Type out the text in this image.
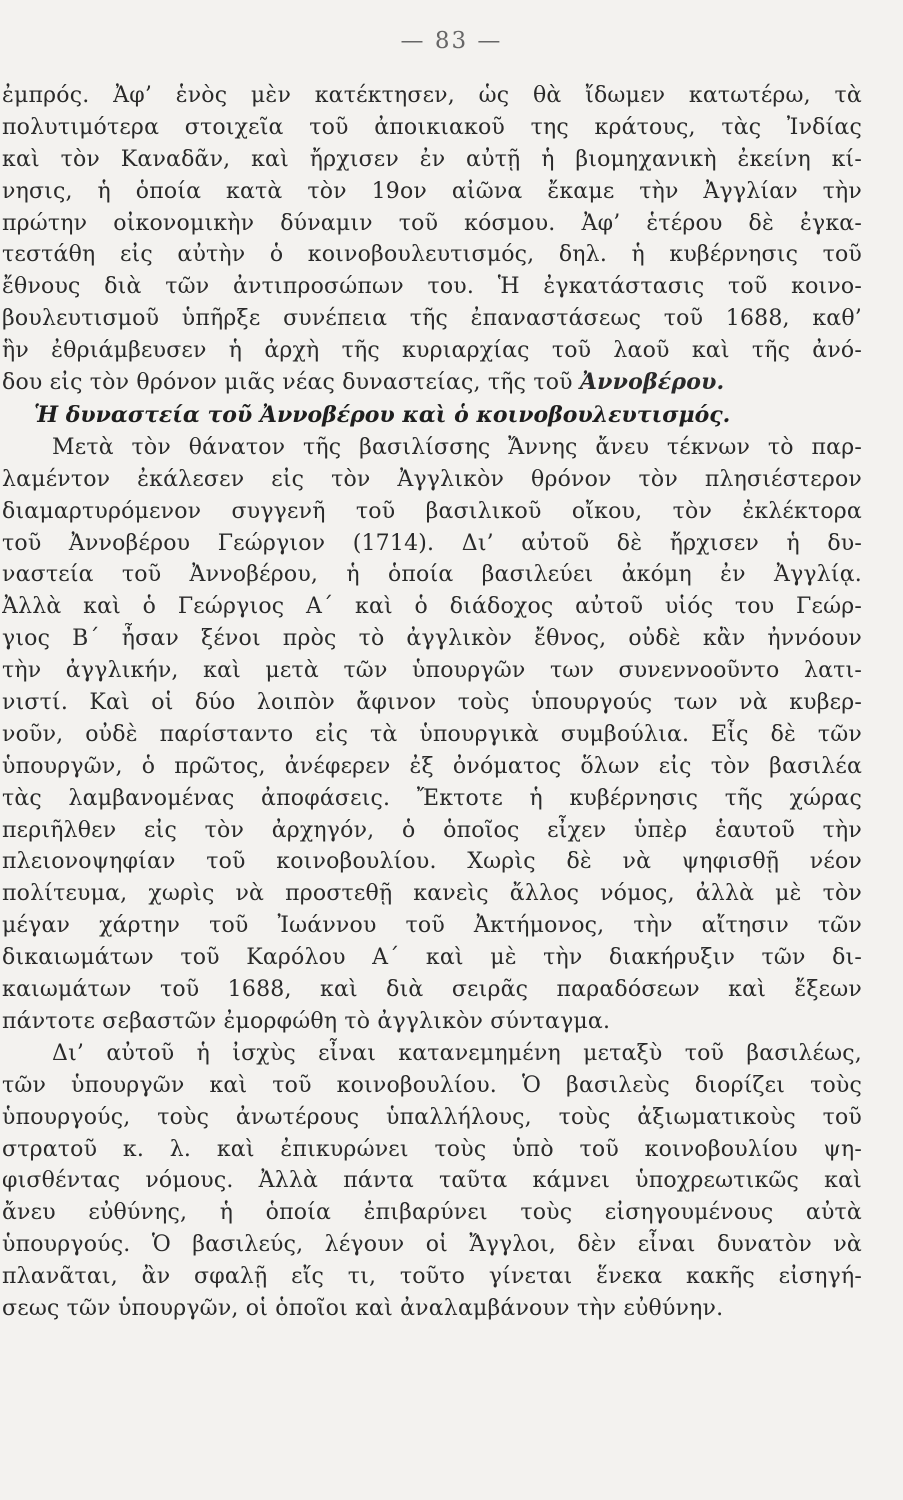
— 83 —
ἐμπρός. Ἀφ’ ἑνὸς μὲν κατέκτησεν, ὡς θὰ ἴδωμεν κατωτέρω, τὰ
πολυτιμότερα στοιχεῖα τοῦ ἀποικιακοῦ της κράτους, τὰς Ἰνδίας
καὶ τὸν Καναδᾶν, καὶ ἤρχισεν ἐν αὐτῇ ἡ βιομηχανικὴ ἐκείνη κί-
νησις, ἡ ὁποία κατὰ τὸν 19ον αἰῶνα ἔκαμε τὴν Ἀγγλίαν τὴν
πρώτην οἰκονομικὴν δύναμιν τοῦ κόσμου. Ἀφ’ ἑτέρου δὲ ἐγκα-
τεστάθη εἰς αὐτὴν ὁ κοινοβουλευτισμός, δηλ. ἡ κυβέρνησις τοῦ
ἔθνους διὰ τῶν ἀντιπροσώπων του. Ἡ ἐγκατάστασις τοῦ κοινο-
βουλευτισμοῦ ὑπῆρξε συνέπεια τῆς ἐπαναστάσεως τοῦ 1688, καθ’
ἣν ἐθριάμβευσεν ἡ ἀρχὴ τῆς κυριαρχίας τοῦ λαοῦ καὶ τῆς ἀνό-
δου εἰς τὸν θρόνον μιᾶς νέας δυναστείας, τῆς τοῦ Ἀννοβέρου.
Ἡ δυναστεία τοῦ Ἀννοβέρου καὶ ὁ κοινοβουλευτισμός.
Μετὰ τὸν θάνατον τῆς βασιλίσσης Ἄννης ἄνευ τέκνων τὸ παρ-
λαμέντον ἐκάλεσεν εἰς τὸν Ἀγγλικὸν θρόνον τὸν πλησιέστερον
διαμαρτυρόμενον συγγενῆ τοῦ βασιλικοῦ οἴκου, τὸν ἐκλέκτορα
τοῦ Ἀννοβέρου Γεώργιον (1714). Δι’ αὐτοῦ δὲ ἤρχισεν ἡ δυ-
ναστεία τοῦ Ἀννοβέρου, ἡ ὁποία βασιλεύει ἀκόμη ἐν Ἀγγλίᾳ.
Ἀλλὰ καὶ ὁ Γεώργιος Α΄ καὶ ὁ διάδοχος αὐτοῦ υἱός του Γεώρ-
γιος Β΄ ἦσαν ξένοι πρὸς τὸ ἀγγλικὸν ἔθνος, οὐδὲ κἂν ἠννόουν
τὴν ἀγγλικήν, καὶ μετὰ τῶν ὑπουργῶν των συνεννοοῦντο λατι-
νιστί. Καὶ οἱ δύο λοιπὸν ἄφινον τοὺς ὑπουργούς των νὰ κυβερ-
νοῦν, οὐδὲ παρίσταντο εἰς τὰ ὑπουργικὰ συμβούλια. Εἷς δὲ τῶν
ὑπουργῶν, ὁ πρῶτος, ἀνέφερεν ἐξ ὀνόματος ὅλων εἰς τὸν βασιλέα
τὰς λαμβανομένας ἀποφάσεις. Ἔκτοτε ἡ κυβέρνησις τῆς χώρας
περιῆλθεν εἰς τὸν ἀρχηγόν, ὁ ὁποῖος εἶχεν ὑπὲρ ἑαυτοῦ τὴν
πλειονοψηφίαν τοῦ κοινοβουλίου. Χωρὶς δὲ νὰ ψηφισθῇ νέον
πολίτευμα, χωρὶς νὰ προστεθῇ κανεὶς ἄλλος νόμος, ἀλλὰ μὲ τὸν
μέγαν χάρτην τοῦ Ἰωάννου τοῦ Ἀκτήμονος, τὴν αἴτησιν τῶν
δικαιωμάτων τοῦ Καρόλου Α΄ καὶ μὲ τὴν διακήρυξιν τῶν δι-
καιωμάτων τοῦ 1688, καὶ διὰ σειρᾶς παραδόσεων καὶ ἔξεων
πάντοτε σεβαστῶν ἐμορφώθη τὸ ἀγγλικὸν σύνταγμα.
Δι’ αὐτοῦ ἡ ἰσχὺς εἶναι κατανεμημένη μεταξὺ τοῦ βασιλέως,
τῶν ὑπουργῶν καὶ τοῦ κοινοβουλίου. Ὁ βασιλεὺς διορίζει τοὺς
ὑπουργούς, τοὺς ἀνωτέρους ὑπαλλήλους, τοὺς ἀξιωματικοὺς τοῦ
στρατοῦ κ. λ. καὶ ἐπικυρώνει τοὺς ὑπὸ τοῦ κοινοβουλίου ψη-
φισθέντας νόμους. Ἀλλὰ πάντα ταῦτα κάμνει ὑποχρεωτικῶς καὶ
ἄνευ εὐθύνης, ἡ ὁποία ἐπιβαρύνει τοὺς εἰσηγουμένους αὐτὰ
ὑπουργούς. Ὁ βασιλεύς, λέγουν οἱ Ἄγγλοι, δὲν εἶναι δυνατὸν νὰ
πλανᾶται, ἂν σφαλῇ εἴς τι, τοῦτο γίνεται ἕνεκα κακῆς εἰσηγή-
σεως τῶν ὑπουργῶν, οἱ ὁποῖοι καὶ ἀναλαμβάνουν τὴν εὐθύνην.
